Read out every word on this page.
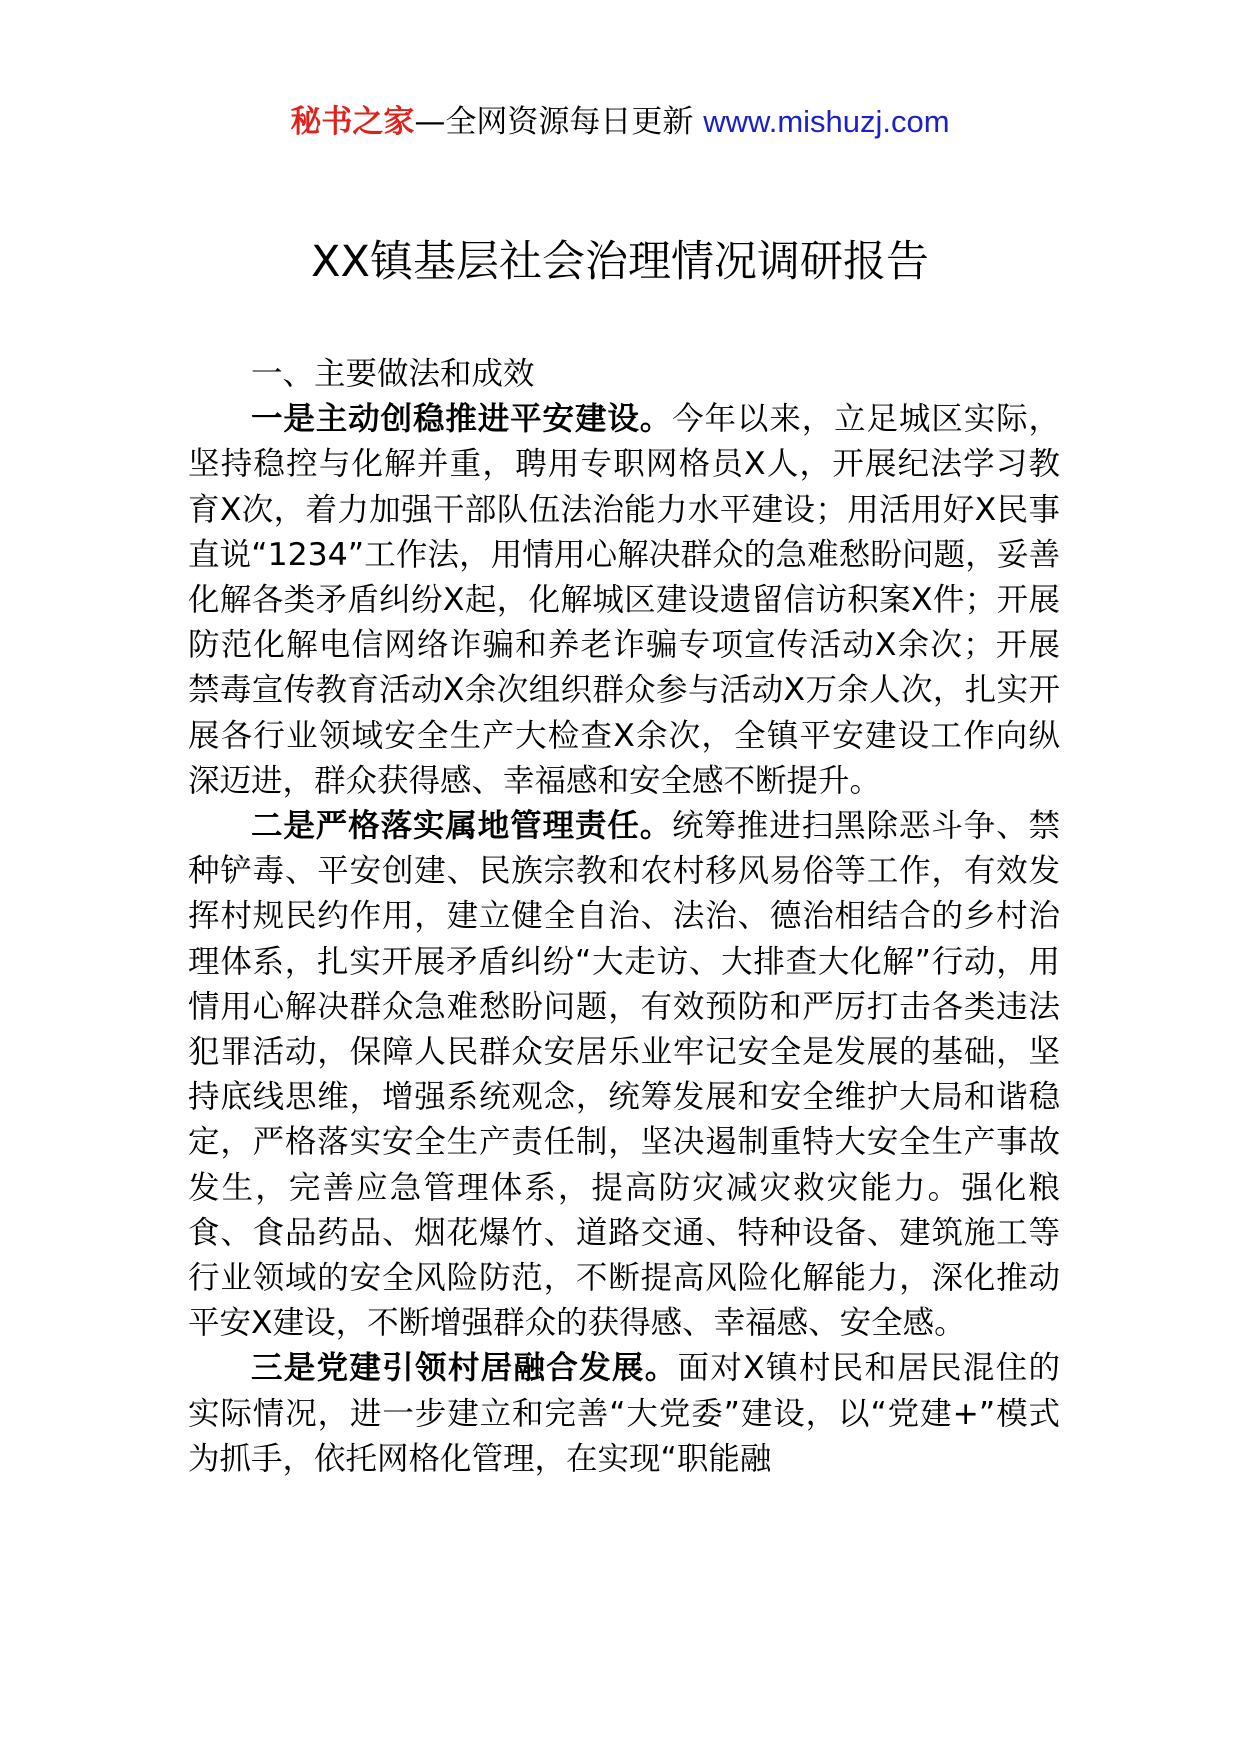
秘书之家—全网资源每日更新 www.mishuzj.com
XX镇基层社会治理情况调研报告

一、主要做法和成效

一是主动创稳推进平安建设。今年以来，立足城区实际，坚持稳控与化解并重，聘用专职网格员X人，开展纪法学习教育X次，着力加强干部队伍法治能力水平建设；用活用好X民事直说“1234”工作法，用情用心解决群众的急难愁盼问题，妥善化解各类矛盾纠纷X起，化解城区建设遗留信访积案X件；开展防范化解电信网络诈骗和养老诈骗专项宣传活动X余次；开展禁毒宣传教育活动X余次组织群众参与活动X万余人次，扎实开展各行业领域安全生产大检查X余次，全镇平安建设工作向纵深迈进，群众获得感、幸福感和安全感不断提升。

二是严格落实属地管理责任。统筹推进扫黑除恶斗争、禁种铲毒、平安创建、民族宗教和农村移风易俗等工作，有效发挥村规民约作用，建立健全自治、法治、德治相结合的乡村治理体系，扎实开展矛盾纠纷“大走访、大排查大化解”行动，用情用心解决群众急难愁盼问题，有效预防和严厉打击各类违法犯罪活动，保障人民群众安居乐业牢记安全是发展的基础，坚持底线思维，增强系统观念，统筹发展和安全维护大局和谐稳定，严格落实安全生产责任制，坚决遏制重特大安全生产事故发生，完善应急管理体系，提高防灾减灾救灾能力。强化粮食、食品药品、烟花爆竹、道路交通、特种设备、建筑施工等行业领域的安全风险防范，不断提高风险化解能力，深化推动平安X建设，不断增强群众的获得感、幸福感、安全感。

三是党建引领村居融合发展。面对X镇村民和居民混住的实际情况，进一步建立和完善“大党委”建设，以“党建+”模式为抓手，依托网格化管理，在实现“职能融
